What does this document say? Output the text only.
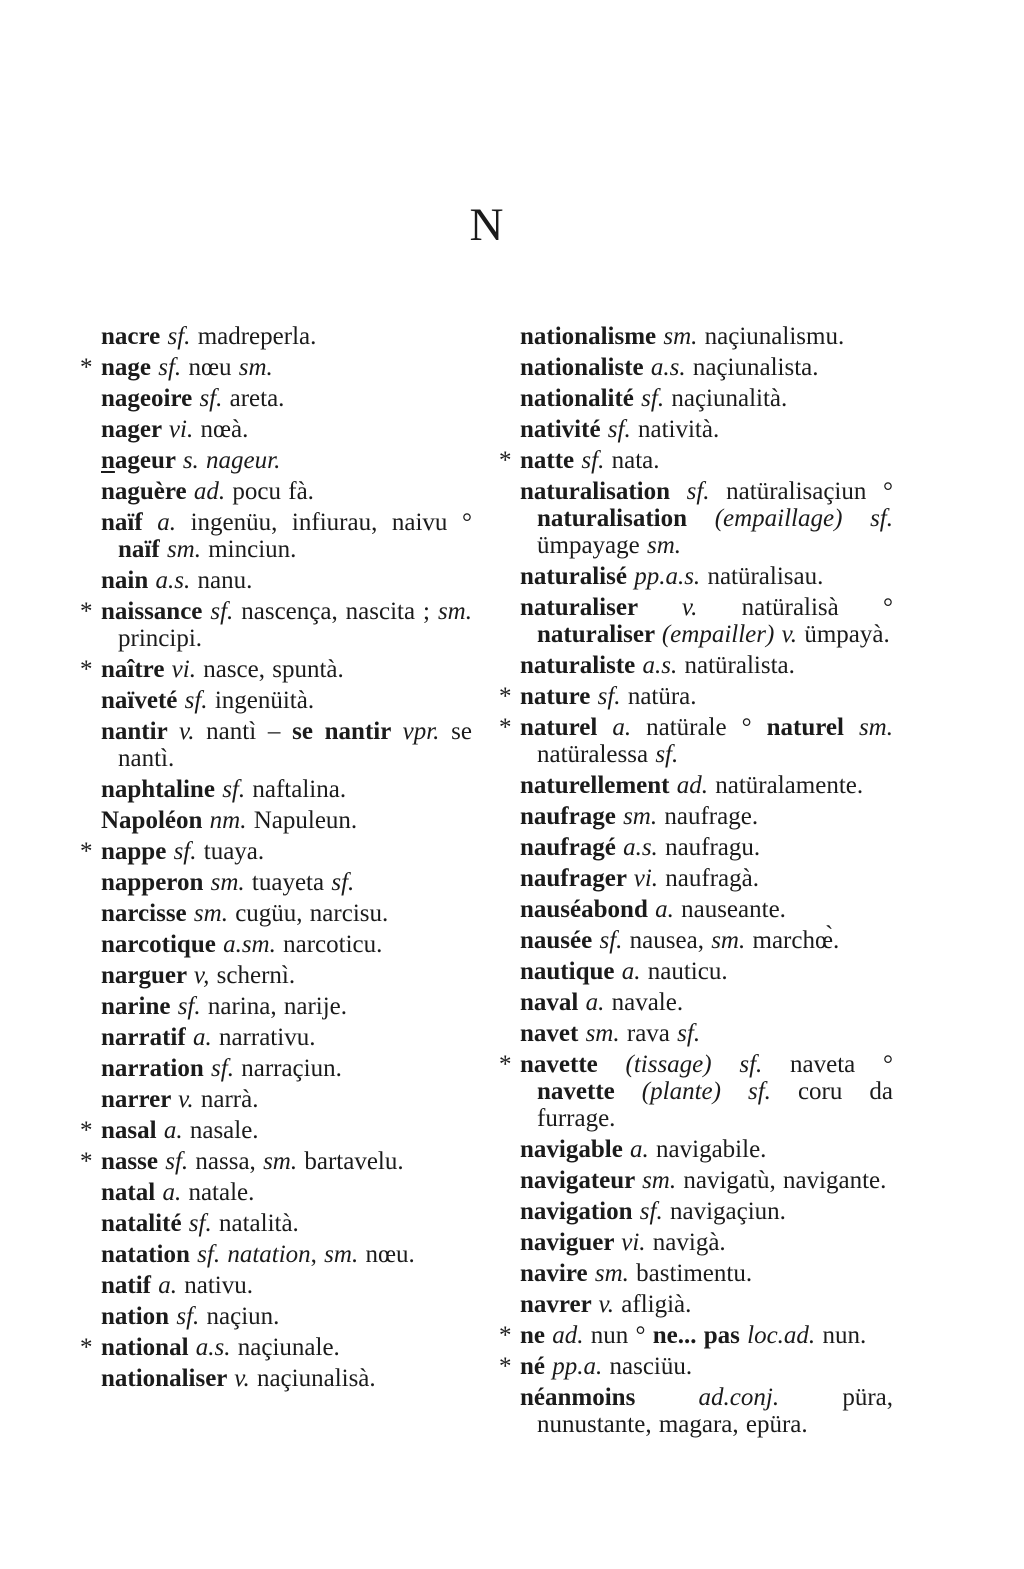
N
nacre sf. madreperla.
* nage sf. nœu sm.
nageoire sf. areta.
nager vi. nœà.
nageur s. nageur.
naguère ad. pocu fà.
naïf a. ingenüu, infiurau, naivu ° naïf sm. minciun.
nain a.s. nanu.
* naissance sf. nascença, nascita ; sm. principi.
* naître vi. nasce, spuntà.
naïveté sf. ingenüità.
nantir v. nantì – se nantir vpr. se nantì.
naphtaline sf. naftalina.
Napoléon nm. Napuleun.
* nappe sf. tuaya.
napperon sm. tuayeta sf.
narcisse sm. cugüu, narcisu.
narcotique a.sm. narcoticu.
narguer v, schernì.
narine sf. narina, narije.
narratif a. narrativu.
narration sf. narraçiun.
narrer v. narrà.
* nasal a. nasale.
* nasse sf. nassa, sm. bartavelu.
natal a. natale.
natalité sf. natalità.
natation sf. natation, sm. nœu.
natif a. nativu.
nation sf. naçiun.
* national a.s. naçiunale.
nationaliser v. naçiunalisà.
nationalisme sm. naçiunalismu.
nationaliste a.s. naçiunalista.
nationalité sf. naçiunalità.
nativité sf. natività.
* natte sf. nata.
naturalisation sf. natüralisaçiun ° naturalisation (empaillage) sf. ümpayage sm.
naturalisé pp.a.s. natüralisau.
naturaliser v. natüralisà ° naturaliser (empailler) v. ümpayà.
naturaliste a.s. natüralista.
* nature sf. natüra.
* naturel a. natürale ° naturel sm. natüralessa sf.
naturellement ad. natüralamente.
naufrage sm. naufrage.
naufragé a.s. naufragu.
naufrager vi. naufragà.
nauséabond a. nauseante.
nausée sf. nausea, sm. marchœ̀.
nautique a. nauticu.
naval a. navale.
navet sm. rava sf.
* navette (tissage) sf. naveta ° navette (plante) sf. coru da furrage.
navigable a. navigabile.
navigateur sm. navigatù, navigante.
navigation sf. navigaçiun.
naviguer vi. navigà.
navire sm. bastimentu.
navrer v. afligià.
* ne ad. nun ° ne... pas loc.ad. nun.
* né pp.a. nasciüu.
néanmoins ad.conj. püra, nunustante, magara, epüra.
